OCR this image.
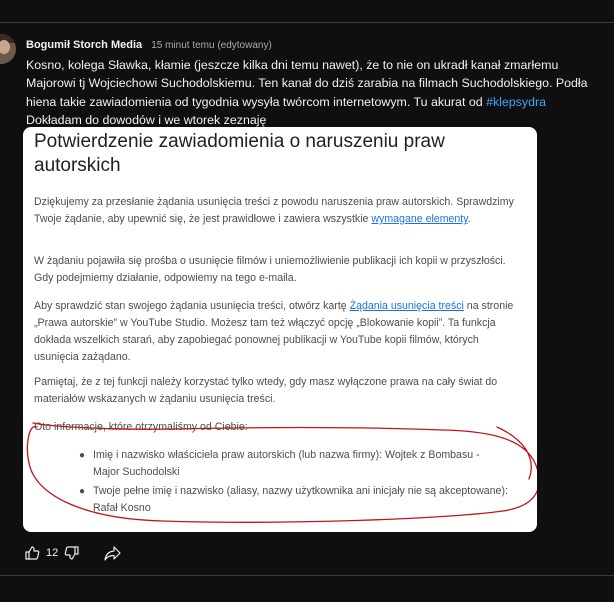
Bogumił Storch Media 15 minut temu (edytowany)
Kosno, kolega Sławka, kłamie (jeszcze kilka dni temu nawet), że to nie on ukradł kanał zmarłemu Majorowi tj Wojciechowi Suchodolskiemu. Ten kanał do dziś zarabia na filmach Suchodolskiego. Podła hiena takie zawiadomienia od tygodnia wysyła twórcom internetowym. Tu akurat od #klepsydra
Dokładam do dowodów i we wtorek zeznaję
Potwierdzenie zawiadomienia o naruszeniu praw autorskich

Dziękujemy za przesłanie żądania usunięcia treści z powodu naruszenia praw autorskich. Sprawdzimy Twoje żądanie, aby upewnić się, że jest prawidłowe i zawiera wszystkie wymagane elementy.

W żądaniu pojawiła się prośba o usunięcie filmów i uniemożliwienie publikacji ich kopii w przyszłości. Gdy podejmiemy działanie, odpowiemy na tego e-maila.

Aby sprawdzić stan swojego żądania usunięcia treści, otwórz kartę Żądania usunięcia treści na stronie „Prawa autorskie” w YouTube Studio. Możesz tam też włączyć opcję „Blokowanie kopii”. Ta funkcja dokłada wszelkich starań, aby zapobiegać ponownej publikacji w YouTube kopii filmów, których usunięcia zażądano.

Pamiętaj, że z tej funkcji należy korzystać tylko wtedy, gdy masz wyłączone prawa na cały świat do materiałów wskazanych w żądaniu usunięcia treści.

Oto informacje, które otrzymaliśmy od Ciebie:

● Imię i nazwisko właściciela praw autorskich (lub nazwa firmy): Wojtek z Bombasu - Major Suchodolski
● Twoje pełne imię i nazwisko (aliasy, nazwy użytkownika ani inicjały nie są akceptowane): Rafał Kosno
12
